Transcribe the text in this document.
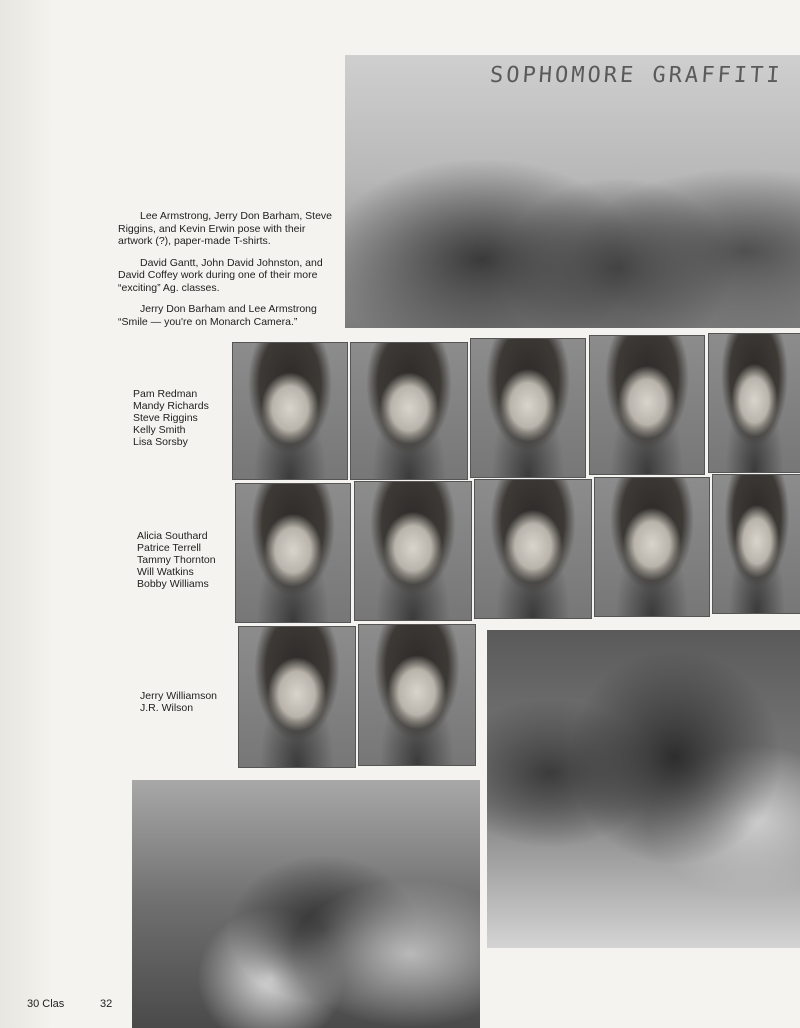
SOPHOMORE GRAFFITI

Lee Armstrong, Jerry Don Barham, Steve Riggins, and Kevin Erwin pose with their artwork (?), paper-made T-shirts.

David Gantt, John David Johnston, and David Coffey work during one of their more “exciting” Ag. classes.

Jerry Don Barham and Lee Armstrong “Smile — you're on Monarch Camera.”

Pam Redman
Mandy Richards
Steve Riggins
Kelly Smith
Lisa Sorsby
Alicia Southard
Patrice Terrell
Tammy Thornton
Will Watkins
Bobby Williams
Jerry Williamson
J.R. Wilson
30 Clas	32
